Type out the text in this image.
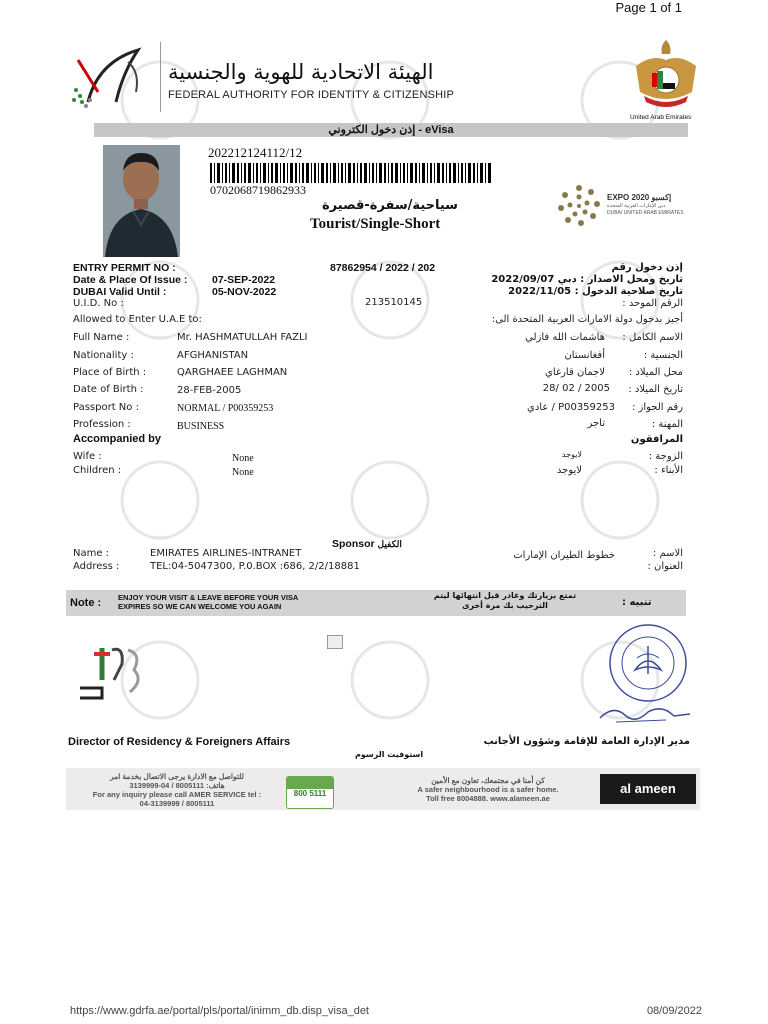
Page 1 of 1
الهيئة الاتحادية للهوية والجنسية
FEDERAL AUTHORITY FOR IDENTITY & CITIZENSHIP
United Arab Emirates
إذن دخول الكتروني - eVisa
202212124112/12
0702068719862933
سياحية/سفرة-قصيرة
Tourist/Single-Short
EXPO 2020 إكسبو
دبي الإمارات العربية المتحدة
DUBAI UNITED ARAB EMIRATES
ENTRY PERMIT NO :	87862954 / 2022 / 202	إذن دخول رقم
Date & Place Of Issue : 07-SEP-2022	تاريخ ومحل الاصدار : دبي 2022/09/07
DUBAI Valid Until :	05-NOV-2022	تاريخ صلاحية الدخول : 2022/11/05
U.I.D. No :	213510145	الرقم الموحد :
Allowed to Enter U.A.E to:	أجيز بدخول دولة الامارات العربية المتحدة الى:
Full Name :	Mr. HASHMATULLAH FAZLI	هاشمات الله فازلي الاسم الكامل :
Nationality :	AFGHANISTAN	أفغانستان	الجنسية :
Place of Birth :	QARGHAEE LAGHMAN	لاجمان قارغاي محل الميلاد :
Date of Birth :	28-FEB-2005	2005 / 02 /28 تاريخ الميلاد :
Passport No :	NORMAL / P00359253	P00359253 / عادي رقم الجواز :
Profession :	BUSINESS	تاجر	المهنة :
Accompanied by	المرافقون
Wife :	None	لايوجد	الزوجة :
Children :	None	لايوجد	الأبناء :
Sponsor الكفيل
Name :	EMIRATES AIRLINES-INTRANET	خطوط الطيران الإمارات	الاسم :
Address :	TEL:04-5047300, P.0.BOX :686, 2/2/18881	العنوان :
Note : ENJOY YOUR VISIT & LEAVE BEFORE YOUR VISA
EXPIRES SO WE CAN WELCOME YOU AGAIN
تمتع بزيارتك وغادر قبل انتهائها ليتم الترحيب بك مرة أخرى	تنبيه :
Director of Residency & Foreigners Affairs	مدير الإدارة العامة للإقامة وشؤون الأجانب
استوفيت الرسوم
للتواصل مع الادارة يرجى الاتصال بخدمة امر
هاتف: 8005111 / 04-3139999
For any inquiry please call AMER SERVICE tel :
04-3139999 / 8005111
800 5111
كن أمنا في مجتمعك، تعاون مع الأمين
A safer neighbourhood is a safer home.
Toll free 8004888. www.alameen.ae
al ameen
https://www.gdrfa.ae/portal/pls/portal/inimm_db.disp_visa_det	08/09/2022
